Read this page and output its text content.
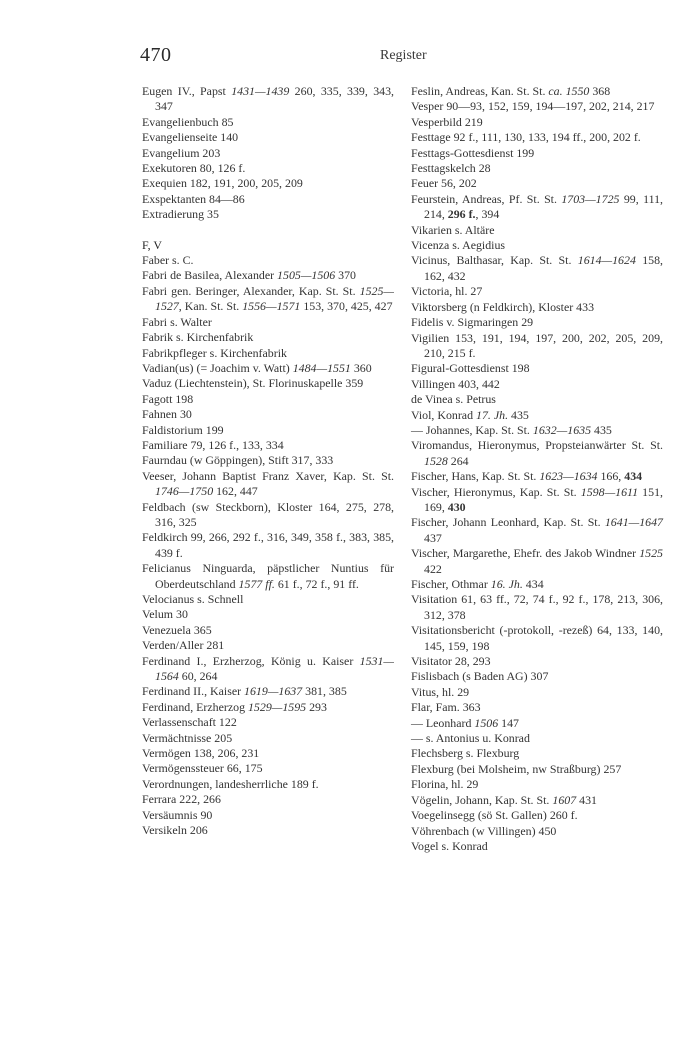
470	Register
Eugen IV., Papst 1431—1439 260, 335, 339, 343, 347
Evangelienbuch 85
Evangelienseite 140
Evangelium 203
Exekutoren 80, 126 f.
Exequien 182, 191, 200, 205, 209
Exspektanten 84—86
Extradierung 35
F, V
Faber s. C.
Fabri de Basilea, Alexander 1505—1506 370
Fabri gen. Beringer, Alexander, Kap. St. St. 1525—1527, Kan. St. St. 1556—1571 153, 370, 425, 427
Fabri s. Walter
Fabrik s. Kirchenfabrik
Fabrikpfleger s. Kirchenfabrik
Vadian(us) (= Joachim v. Watt) 1484—1551 360
Vaduz (Liechtenstein), St. Florinuskapelle 359
Fagott 198
Fahnen 30
Faldistorium 199
Familiare 79, 126 f., 133, 334
Faurndau (w Göppingen), Stift 317, 333
Veeser, Johann Baptist Franz Xaver, Kap. St. St. 1746—1750 162, 447
Feldbach (sw Steckborn), Kloster 164, 275, 278, 316, 325
Feldkirch 99, 266, 292 f., 316, 349, 358 f., 383, 385, 439 f.
Felicianus Ninguarda, päpstlicher Nuntius für Oberdeutschland 1577 ff. 61 f., 72 f., 91 ff.
Velocianus s. Schnell
Velum 30
Venezuela 365
Verden/Aller 281
Ferdinand I., Erzherzog, König u. Kaiser 1531—1564 60, 264
Ferdinand II., Kaiser 1619—1637 381, 385
Ferdinand, Erzherzog 1529—1595 293
Verlassenschaft 122
Vermächtnisse 205
Vermögen 138, 206, 231
Vermögenssteuer 66, 175
Verordnungen, landesherrliche 189 f.
Ferrara 222, 266
Versäumnis 90
Versikeln 206
Feslin, Andreas, Kan. St. St. ca. 1550 368
Vesper 90—93, 152, 159, 194—197, 202, 214, 217
Vesperbild 219
Festtage 92 f., 111, 130, 133, 194 ff., 200, 202 f.
Festtags-Gottesdienst 199
Festtagskelch 28
Feuer 56, 202
Feurstein, Andreas, Pf. St. St. 1703—1725 99, 111, 214, 296 f., 394
Vikarien s. Altäre
Vicenza s. Aegidius
Vicinus, Balthasar, Kap. St. St. 1614—1624 158, 162, 432
Victoria, hl. 27
Viktorsberg (n Feldkirch), Kloster 433
Fidelis v. Sigmaringen 29
Vigilien 153, 191, 194, 197, 200, 202, 205, 209, 210, 215 f.
Figural-Gottesdienst 198
Villingen 403, 442
de Vinea s. Petrus
Viol, Konrad 17. Jh. 435
— Johannes, Kap. St. St. 1632—1635 435
Viromandus, Hieronymus, Propsteianwärter St. St. 1528 264
Fischer, Hans, Kap. St. St. 1623—1634 166, 434
Vischer, Hieronymus, Kap. St. St. 1598—1611 151, 169, 430
Fischer, Johann Leonhard, Kap. St. St. 1641—1647 437
Vischer, Margarethe, Ehefr. des Jakob Windner 1525 422
Fischer, Othmar 16. Jh. 434
Visitation 61, 63 ff., 72, 74 f., 92 f., 178, 213, 306, 312, 378
Visitationsbericht (-protokoll, -rezeß) 64, 133, 140, 145, 159, 198
Visitator 28, 293
Fislisbach (s Baden AG) 307
Vitus, hl. 29
Flar, Fam. 363
— Leonhard 1506 147
— s. Antonius u. Konrad
Flechsberg s. Flexburg
Flexburg (bei Molsheim, nw Straßburg) 257
Florina, hl. 29
Vögelin, Johann, Kap. St. St. 1607 431
Voegelinsegg (sö St. Gallen) 260 f.
Vöhrenbach (w Villingen) 450
Vogel s. Konrad
